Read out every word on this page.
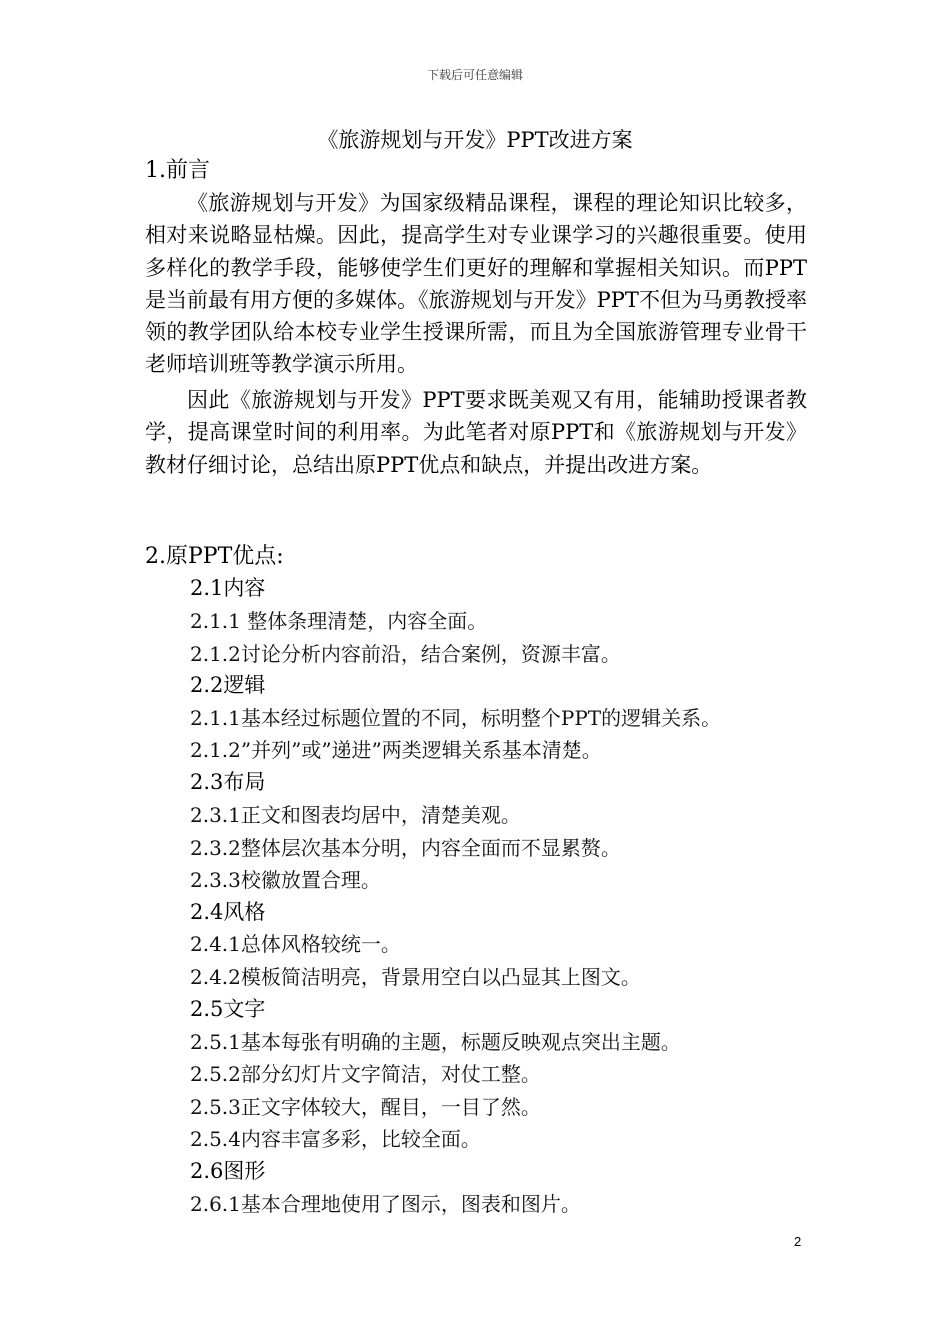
下载后可任意编辑
《旅游规划与开发》PPT改进方案
1.前言

《旅游规划与开发》为国家级精品课程，课程的理论知识比较多，相对来说略显枯燥。因此，提高学生对专业课学习的兴趣很重要。使用多样化的教学手段，能够使学生们更好的理解和掌握相关知识。而PPT是当前最有用方便的多媒体。《旅游规划与开发》PPT不但为马勇教授率领的教学团队给本校专业学生授课所需，而且为全国旅游管理专业骨干老师培训班等教学演示所用。

因此《旅游规划与开发》PPT要求既美观又有用，能辅助授课者教学，提高课堂时间的利用率。为此笔者对原PPT和《旅游规划与开发》教材仔细讨论，总结出原PPT优点和缺点，并提出改进方案。

2.原PPT优点:
2.1内容

2.1.1 整体条理清楚，内容全面。

2.1.2讨论分析内容前沿，结合案例，资源丰富。

2.2逻辑

2.1.1基本经过标题位置的不同，标明整个PPT的逻辑关系。

2.1.2”并列”或”递进”两类逻辑关系基本清楚。

2.3布局

2.3.1正文和图表均居中，清楚美观。

2.3.2整体层次基本分明，内容全面而不显累赘。

2.3.3校徽放置合理。

2.4风格

2.4.1总体风格较统一。

2.4.2模板简洁明亮，背景用空白以凸显其上图文。

2.5文字

2.5.1基本每张有明确的主题，标题反映观点突出主题。

2.5.2部分幻灯片文字简洁，对仗工整。

2.5.3正文字体较大，醒目，一目了然。

2.5.4内容丰富多彩，比较全面。

2.6图形

2.6.1基本合理地使用了图示，图表和图片。

2
